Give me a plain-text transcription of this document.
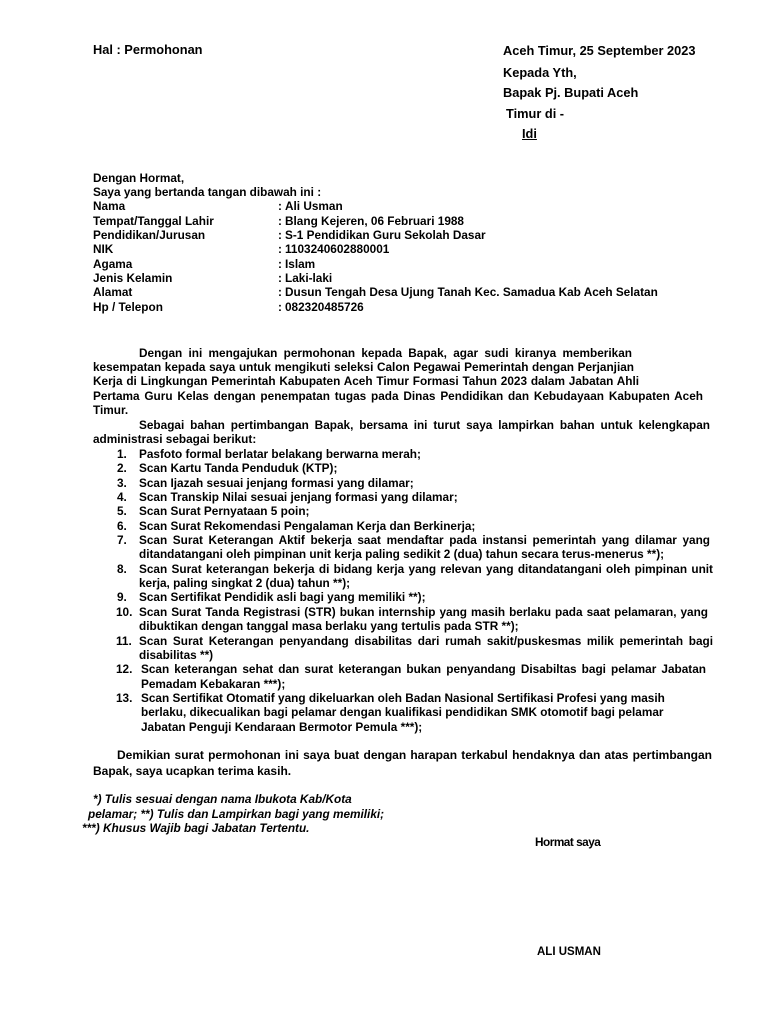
Hal : Permohonan	Aceh Timur, 25 September 2023
Kepada Yth,
Bapak Pj. Bupati Aceh
Timur di -
Idi
Dengan Hormat,
Saya yang bertanda tangan dibawah ini :
Nama	: Ali Usman
Tempat/Tanggal Lahir	: Blang Kejeren, 06 Februari 1988
Pendidikan/Jurusan	: S-1 Pendidikan Guru Sekolah Dasar
NIK	: 1103240602880001
Agama	: Islam
Jenis Kelamin	: Laki-laki
Alamat	: Dusun Tengah Desa Ujung Tanah Kec. Samadua Kab Aceh Selatan
Hp / Telepon	: 082320485726
Dengan ini mengajukan permohonan kepada Bapak, agar sudi kiranya memberikan
kesempatan kepada saya untuk mengikuti seleksi Calon Pegawai Pemerintah dengan Perjanjian
Kerja di Lingkungan Pemerintah Kabupaten Aceh Timur Formasi Tahun 2023 dalam Jabatan Ahli
Pertama Guru Kelas dengan penempatan tugas pada Dinas Pendidikan dan Kebudayaan Kabupaten Aceh
Timur.
Sebagai bahan pertimbangan Bapak, bersama ini turut saya lampirkan bahan untuk kelengkapan
administrasi sebagai berikut:
1. Pasfoto formal berlatar belakang berwarna merah;
2. Scan Kartu Tanda Penduduk (KTP);
3. Scan Ijazah sesuai jenjang formasi yang dilamar;
4. Scan Transkip Nilai sesuai jenjang formasi yang dilamar;
5. Scan Surat Pernyataan 5 poin;
6. Scan Surat Rekomendasi Pengalaman Kerja dan Berkinerja;
7. Scan Surat Keterangan Aktif bekerja saat mendaftar pada instansi pemerintah yang dilamar yang
ditandatangani oleh pimpinan unit kerja paling sedikit 2 (dua) tahun secara terus-menerus **);
8. Scan Surat keterangan bekerja di bidang kerja yang relevan yang ditandatangani oleh pimpinan unit
kerja, paling singkat 2 (dua) tahun **);
9. Scan Sertifikat Pendidik asli bagi yang memiliki **);
10. Scan Surat Tanda Registrasi (STR) bukan internship yang masih berlaku pada saat pelamaran, yang
dibuktikan dengan tanggal masa berlaku yang tertulis pada STR **);
11. Scan Surat Keterangan penyandang disabilitas dari rumah sakit/puskesmas milik pemerintah bagi
disabilitas **)
12. Scan keterangan sehat dan surat keterangan bukan penyandang Disabiltas bagi pelamar Jabatan
Pemadam Kebakaran ***);
13. Scan Sertifikat Otomatif yang dikeluarkan oleh Badan Nasional Sertifikasi Profesi yang masih
berlaku, dikecualikan bagi pelamar dengan kualifikasi pendidikan SMK otomotif bagi pelamar
Jabatan Penguji Kendaraan Bermotor Pemula ***);
Demikian surat permohonan ini saya buat dengan harapan terkabul hendaknya dan atas pertimbangan
Bapak, saya ucapkan terima kasih.
*) Tulis sesuai dengan nama Ibukota Kab/Kota
pelamar; **) Tulis dan Lampirkan bagi yang memiliki;
***) Khusus Wajib bagi Jabatan Tertentu.
Hormat saya
ALI USMAN
